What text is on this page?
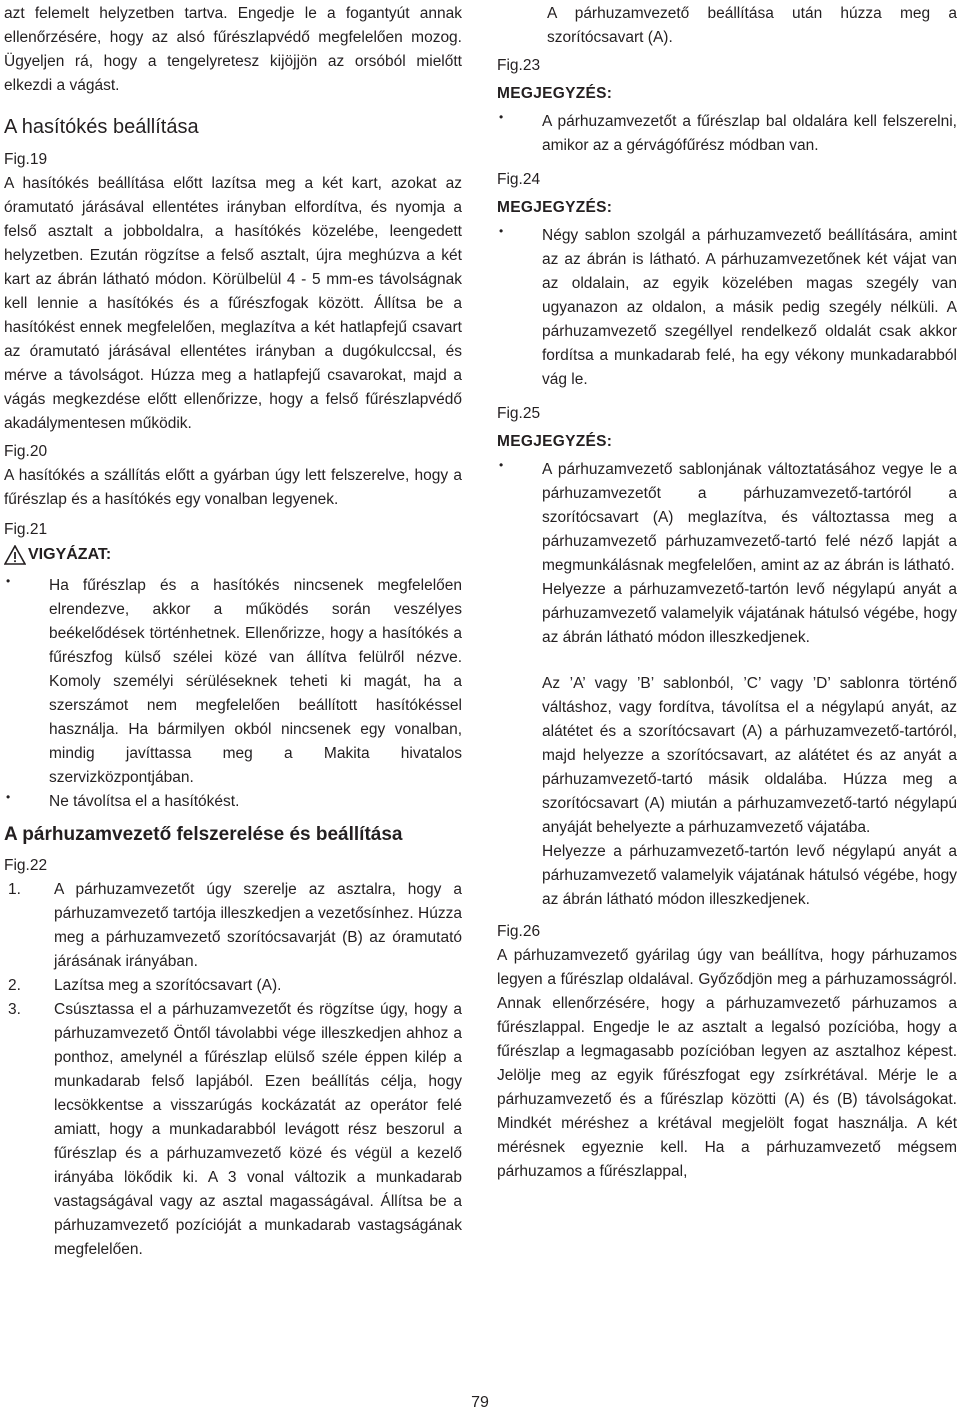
azt felemelt helyzetben tartva. Engedje le a fogantyút annak ellenőrzésére, hogy az alsó fűrészlapvédő megfelelően mozog. Ügyeljen rá, hogy a tengelyretesz kijöjjön az orsóból mielőtt elkezdi a vágást.

A hasítókés beállítása

Fig.19

A hasítókés beállítása előtt lazítsa meg a két kart, azokat az óramutató járásával ellentétes irányban elfordítva, és nyomja a felső asztalt a jobboldalra, a hasítókés közelébe, leengedett helyzetben. Ezután rögzítse a felső asztalt, újra meghúzva a két kart az ábrán látható módon. Körülbelül 4 - 5 mm-es távolságnak kell lennie a hasítókés és a fűrészfogak között. Állítsa be a hasítókést ennek megfelelően, meglazítva a két hatlapfejű csavart az óramutató járásával ellentétes irányban a dugókulccsal, és mérve a távolságot. Húzza meg a hatlapfejű csavarokat, majd a vágás megkezdése előtt ellenőrizze, hogy a felső fűrészlapvédő akadálymentesen működik.

Fig.20

A hasítókés a szállítás előtt a gyárban úgy lett felszerelve, hogy a fűrészlap és a hasítókés egy vonalban legyenek.

Fig.21

VIGYÁZAT:
•	Ha fűrészlap és a hasítókés nincsenek megfelelően elrendezve, akkor a működés során veszélyes beékelődések történhetnek. Ellenőrizze, hogy a hasítókés a fűrészfog külső szélei közé van állítva felülről nézve. Komoly személyi sérüléseknek teheti ki magát, ha a szerszámot nem megfelelően beállított hasítókéssel használja. Ha bármilyen okból nincsenek egy vonalban, mindig javíttassa meg a Makita hivatalos szervizközpontjában.

•	Ne távolítsa el a hasítókést.

A párhuzamvezető felszerelése és beállítása

Fig.22

1. A párhuzamvezetőt úgy szerelje az asztalra, hogy a párhuzamvezető tartója illeszkedjen a vezetősínhez. Húzza meg a párhuzamvezető szorítócsavarját (B) az óramutató járásának irányában.

2. Lazítsa meg a szorítócsavart (A).

3. Csúsztassa el a párhuzamvezetőt és rögzítse úgy, hogy a párhuzamvezető Öntől távolabbi vége illeszkedjen ahhoz a ponthoz, amelynél a fűrészlap elülső széle éppen kilép a munkadarab felső lapjából. Ezen beállítás célja, hogy lecsökkentse a visszarúgás kockázatát az operátor felé amiatt, hogy a munkadarabból levágott rész beszorul a fűrészlap és a párhuzamvezető közé és végül a kezelő irányába lökődik ki. A 3 vonal változik a munkadarab vastagságával vagy az asztal magasságával. Állítsa be a párhuzamvezető pozícióját a munkadarab vastagságának megfelelően.

A párhuzamvezető beállítása után húzza meg a szorítócsavart (A).

Fig.23

MEGJEGYZÉS:

•	A párhuzamvezetőt a fűrészlap bal oldalára kell felszerelni, amikor az a gérvágófűrész módban van.

Fig.24

MEGJEGYZÉS:

•	Négy sablon szolgál a párhuzamvezető beállítására, amint az az ábrán is látható. A párhuzamvezetőnek két vájat van az oldalain, az egyik közelében magas szegély van ugyanazon az oldalon, a másik pedig szegély nélküli. A párhuzamvezető szegéllyel rendelkező oldalát csak akkor fordítsa a munkadarab felé, ha egy vékony munkadarabból vág le.

Fig.25

MEGJEGYZÉS:

•	A párhuzamvezető sablonjának változtatásához vegye le a párhuzamvezetőt a párhuzamvezető-tartóról a szorítócsavart (A) meglazítva, és változtassa meg a párhuzamvezető párhuzamvezető-tartó felé néző lapját a megmunkálásnak megfelelően, amint az az ábrán is látható.

Helyezze a párhuzamvezető-tartón levő négylapú anyát a párhuzamvezető valamelyik vájatának hátulsó végébe, hogy az ábrán látható módon illeszkedjenek.

Az ’A’ vagy ’B’ sablonból, ’C’ vagy ’D’ sablonra történő váltáshoz, vagy fordítva, távolítsa el a négylapú anyát, az alátétet és a szorítócsavart (A) a párhuzamvezető-tartóról, majd helyezze a szorítócsavart, az alátétet és az anyát a párhuzamvezető-tartó másik oldalába. Húzza meg a szorítócsavart (A) miután a párhuzamvezető-tartó négylapú anyáját behelyezte a párhuzamvezető vájatába.

Helyezze a párhuzamvezető-tartón levő négylapú anyát a párhuzamvezető valamelyik vájatának hátulsó végébe, hogy az ábrán látható módon illeszkedjenek.

Fig.26

A párhuzamvezető gyárilag úgy van beállítva, hogy párhuzamos legyen a fűrészlap oldalával. Győződjön meg a párhuzamosságról. Annak ellenőrzésére, hogy a párhuzamvezető párhuzamos a fűrészlappal. Engedje le az asztalt a legalsó pozícióba, hogy a fűrészlap a legmagasabb pozícióban legyen az asztalhoz képest. Jelölje meg az egyik fűrészfogat egy zsírkrétával. Mérje le a párhuzamvezető és a fűrészlap közötti (A) és (B) távolságokat. Mindkét méréshez a krétával megjelölt fogat használja. A két mérésnek egyeznie kell. Ha a párhuzamvezető mégsem párhuzamos a fűrészlappal,

79
